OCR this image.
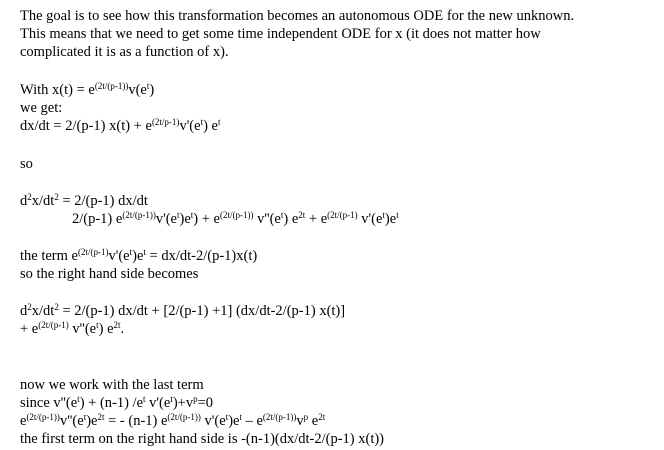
The goal is to see how this transformation becomes an autonomous ODE for the new unknown.
This means that we need to get some time independent ODE for x (it does not matter how
complicated it is as a function of x).
With $x(t) = e^{(2t/(p-1))}v(e^t)$
we get:
dx/dt = 2/(p-1) $x(t) + e^{(2t/p-1)}v'(e^t)$ $e^t$
so
$d^2x/dt^2 = 2/(p-1)$ dx/dt
2/(p-1) $e^{(2t/(p-1))}v'(e^t)e^t) + e^{(2t/(p-1))}$ $v''(e^t) e^{2t} + e^{(2t/(p-1)}$ $v'(e^t)e^t$
the term $e^{(2t/(p-1)}v'(e^t)e^t = dx/dt-2/(p-1)x(t)$
so the right hand side becomes
$d^2x/dt^2 = 2/(p-1) dx/dt + [2/(p-1) +1]$ (dx/dt-2/(p-1) x(t)]
+ $e^{(2t/(p-1)}$ $v''(e^t)$ $e^{2t}$.
now we work with the last term
since $v''(e^t) + (n-1)$ $/e^t$ $v'(e^t)+v^p=0$
$e^{(2t/(p-1))}v''(e^t)e^{2t}$ = - (n-1) $e^{(2t/(p-1))}$ $v'(e^t)e^t - e^{(2t/(p-1))}v^p$ $e^{2t}$
the first term on the right hand side is -(n-1)(dx/dt-2/(p-1) x(t))
